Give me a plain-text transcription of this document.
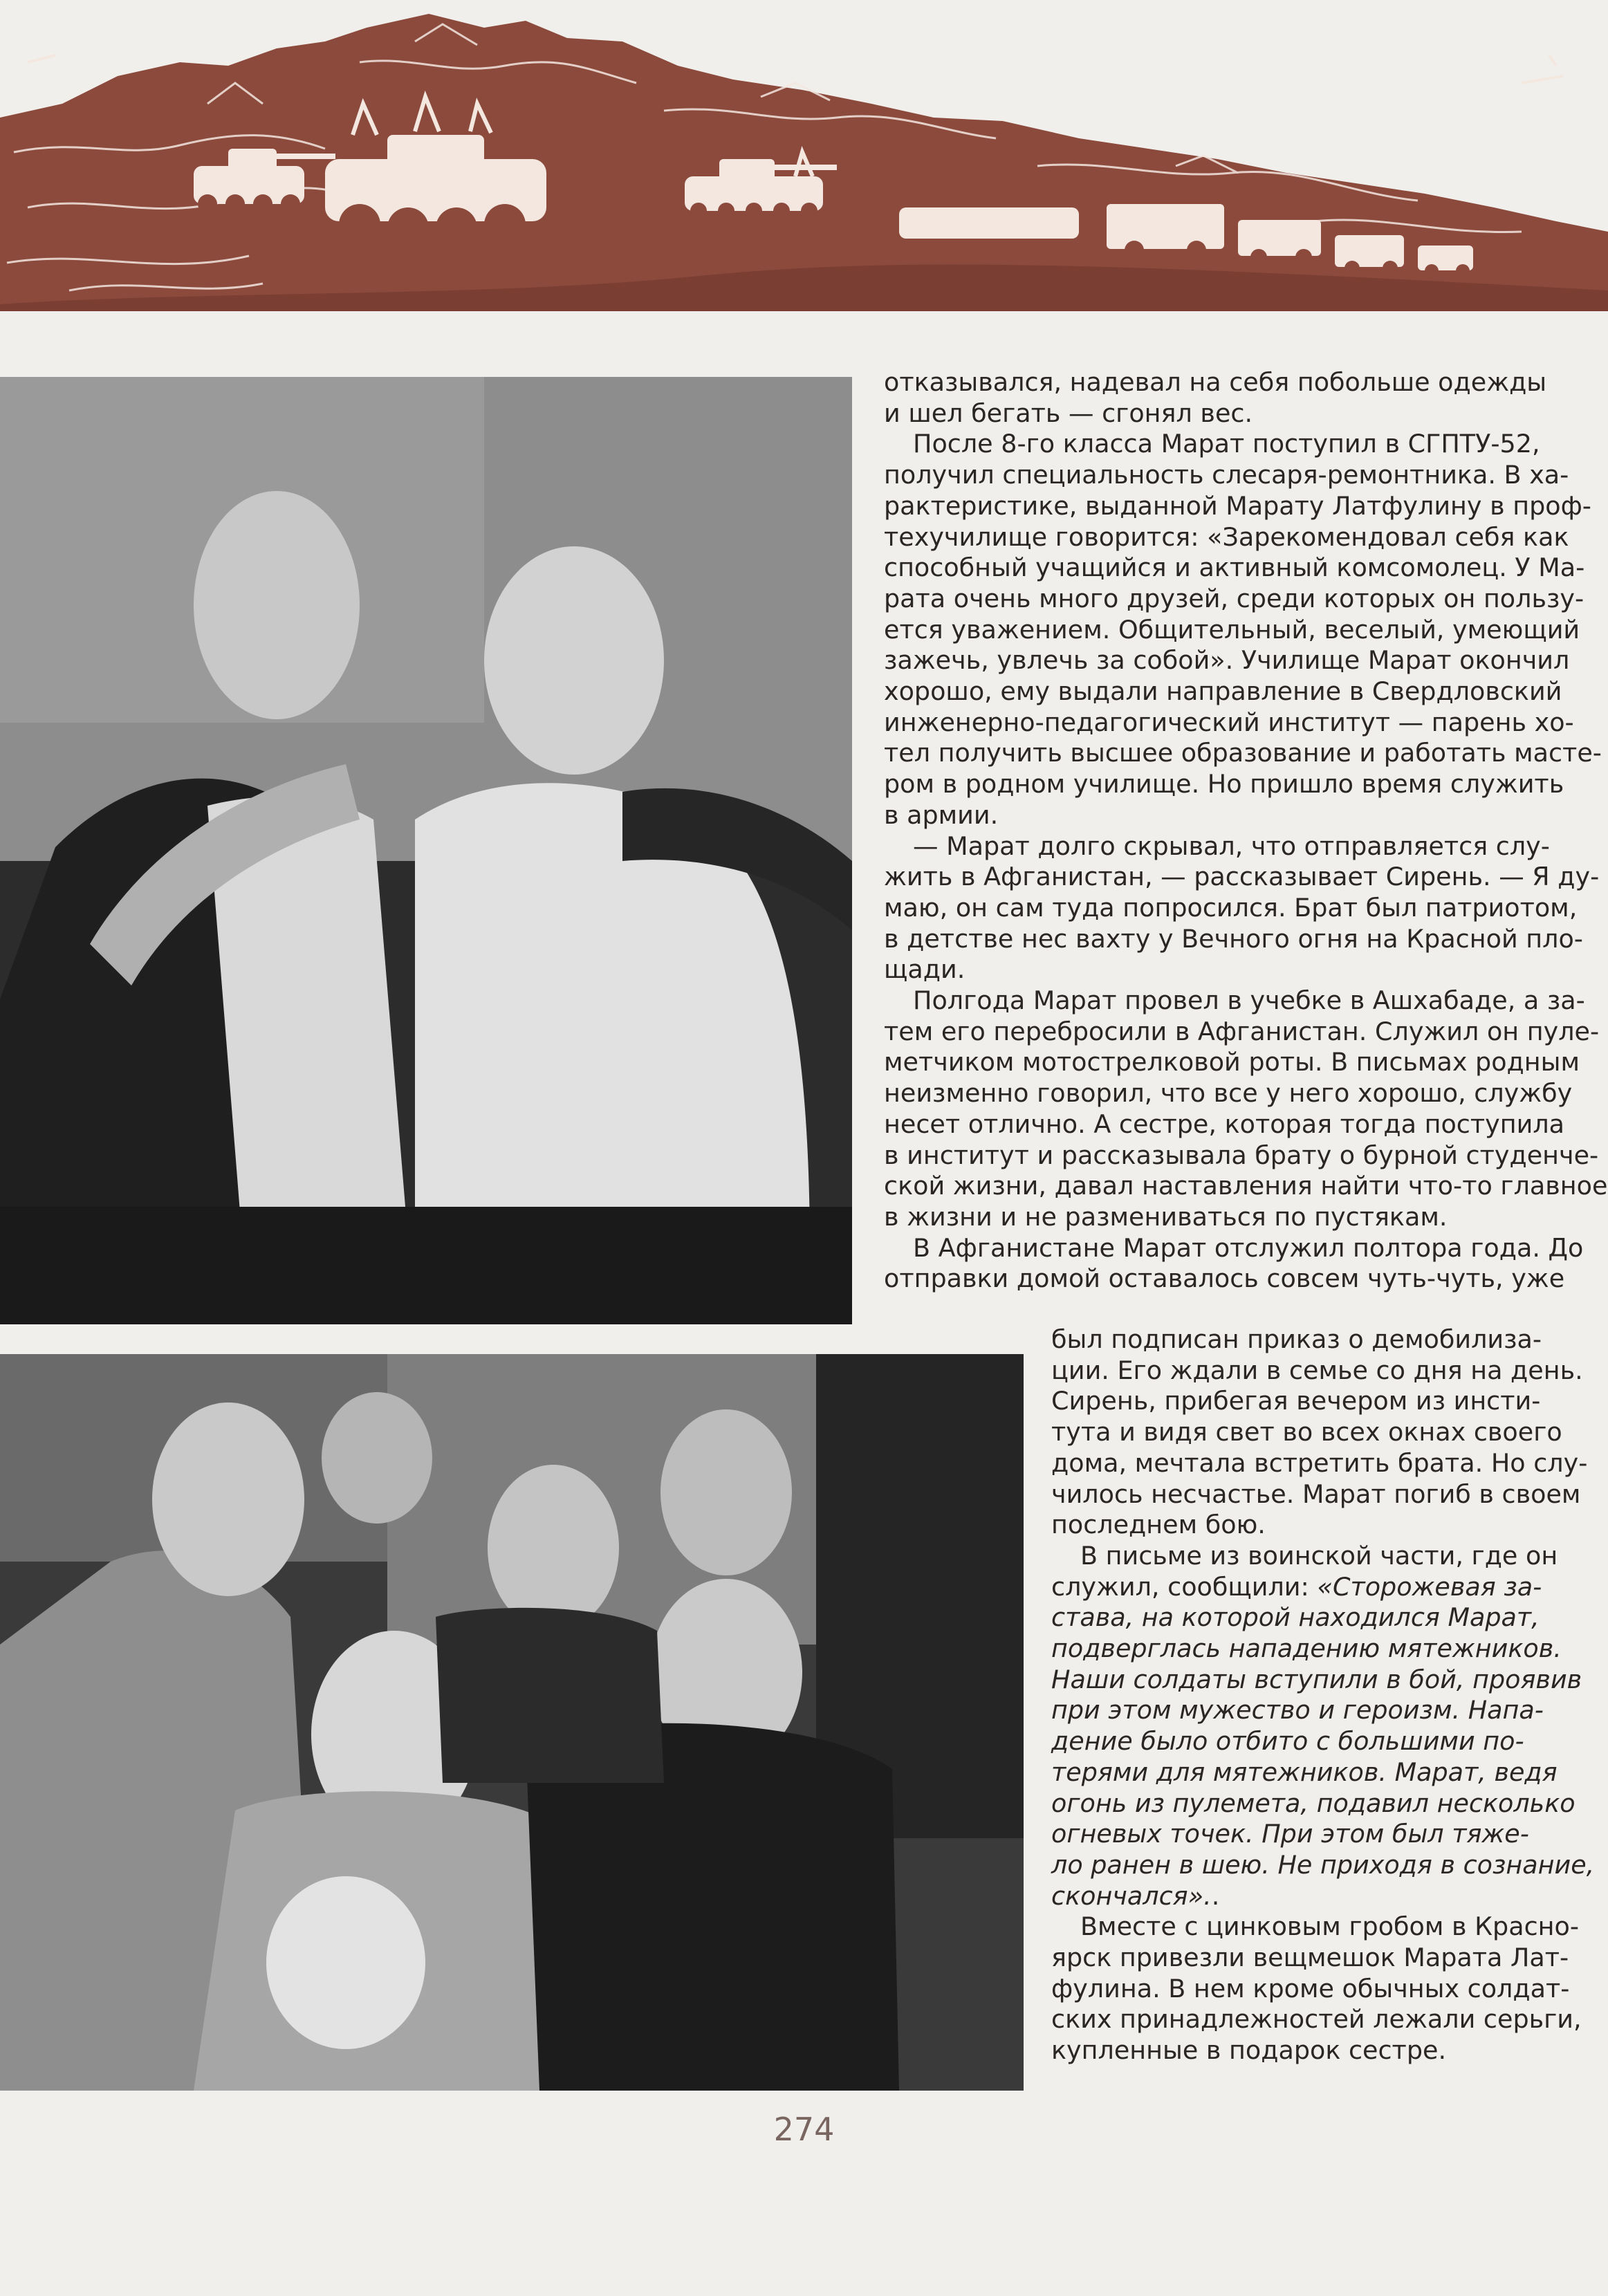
отказывался, надевал на себя побольше одежды
и шел бегать — сгонял вес.

После 8-го класса Марат поступил в СГПТУ-52,

получил специальность слесаря-ремонтника. В ха-
рактеристике, выданной Марату Латфулину в проф-
техучилище говорится: «Зарекомендовал себя как
способный учащийся и активный комсомолец. У Ма-
рата очень много друзей, среди которых он пользу-
ется уважением. Общительный, веселый, умеющий
зажечь, увлечь за собой». Училище Марат окончил
хорошо, ему выдали направление в Свердловский
инженерно-педагогический институт — парень хо-
тел получить высшее образование и работать масте-
ром в родном училище. Но пришло время служить
в армии.

— Марат долго скрывал, что отправляется слу-
жить в Афганистан, — рассказывает Сирень. — Я ду-
маю, он сам туда попросился. Брат был патриотом,
в детстве нес вахту у Вечного огня на Красной пло-
щади.

Полгода Марат провел в учебке в Ашхабаде, а за-
тем его перебросили в Афганистан. Служил он пуле-
метчиком мотострелковой роты. В письмах родным
неизменно говорил, что все у него хорошо, службу
несет отлично. А сестре, которая тогда поступила
в институт и рассказывала брату о бурной студенче-
ской жизни, давал наставления найти что-то главное
в жизни и не размениваться по пустякам.

В Афганистане Марат отслужил полтора года. До
отправки домой оставалось совсем чуть-чуть, уже

был подписан приказ о демобилиза-
ции. Его ждали в семье со дня на день.
Сирень, прибегая вечером из инсти-
тута и видя свет во всех окнах своего
дома, мечтала встретить брата. Но слу-
чилось несчастье. Марат погиб в своем
последнем бою.

В письме из воинской части, где он
служил, сообщили: «Сторожевая за-
става, на которой находился Марат,
подверглась нападению мятежников.
Наши солдаты вступили в бой, проявив
при этом мужество и героизм. Напа-
дение было отбито с большими по-
терями для мятежников. Марат, ведя
огонь из пулемета, подавил несколько
огневых точек. При этом был тяже-
ло ранен в шею. Не приходя в сознание,
скончался»..

Вместе с цинковым гробом в Красно-
ярск привезли вещмешок Марата Лат-
фулина. В нем кроме обычных солдат-
ских принадлежностей лежали серьги,
купленные в подарок сестре.

274
